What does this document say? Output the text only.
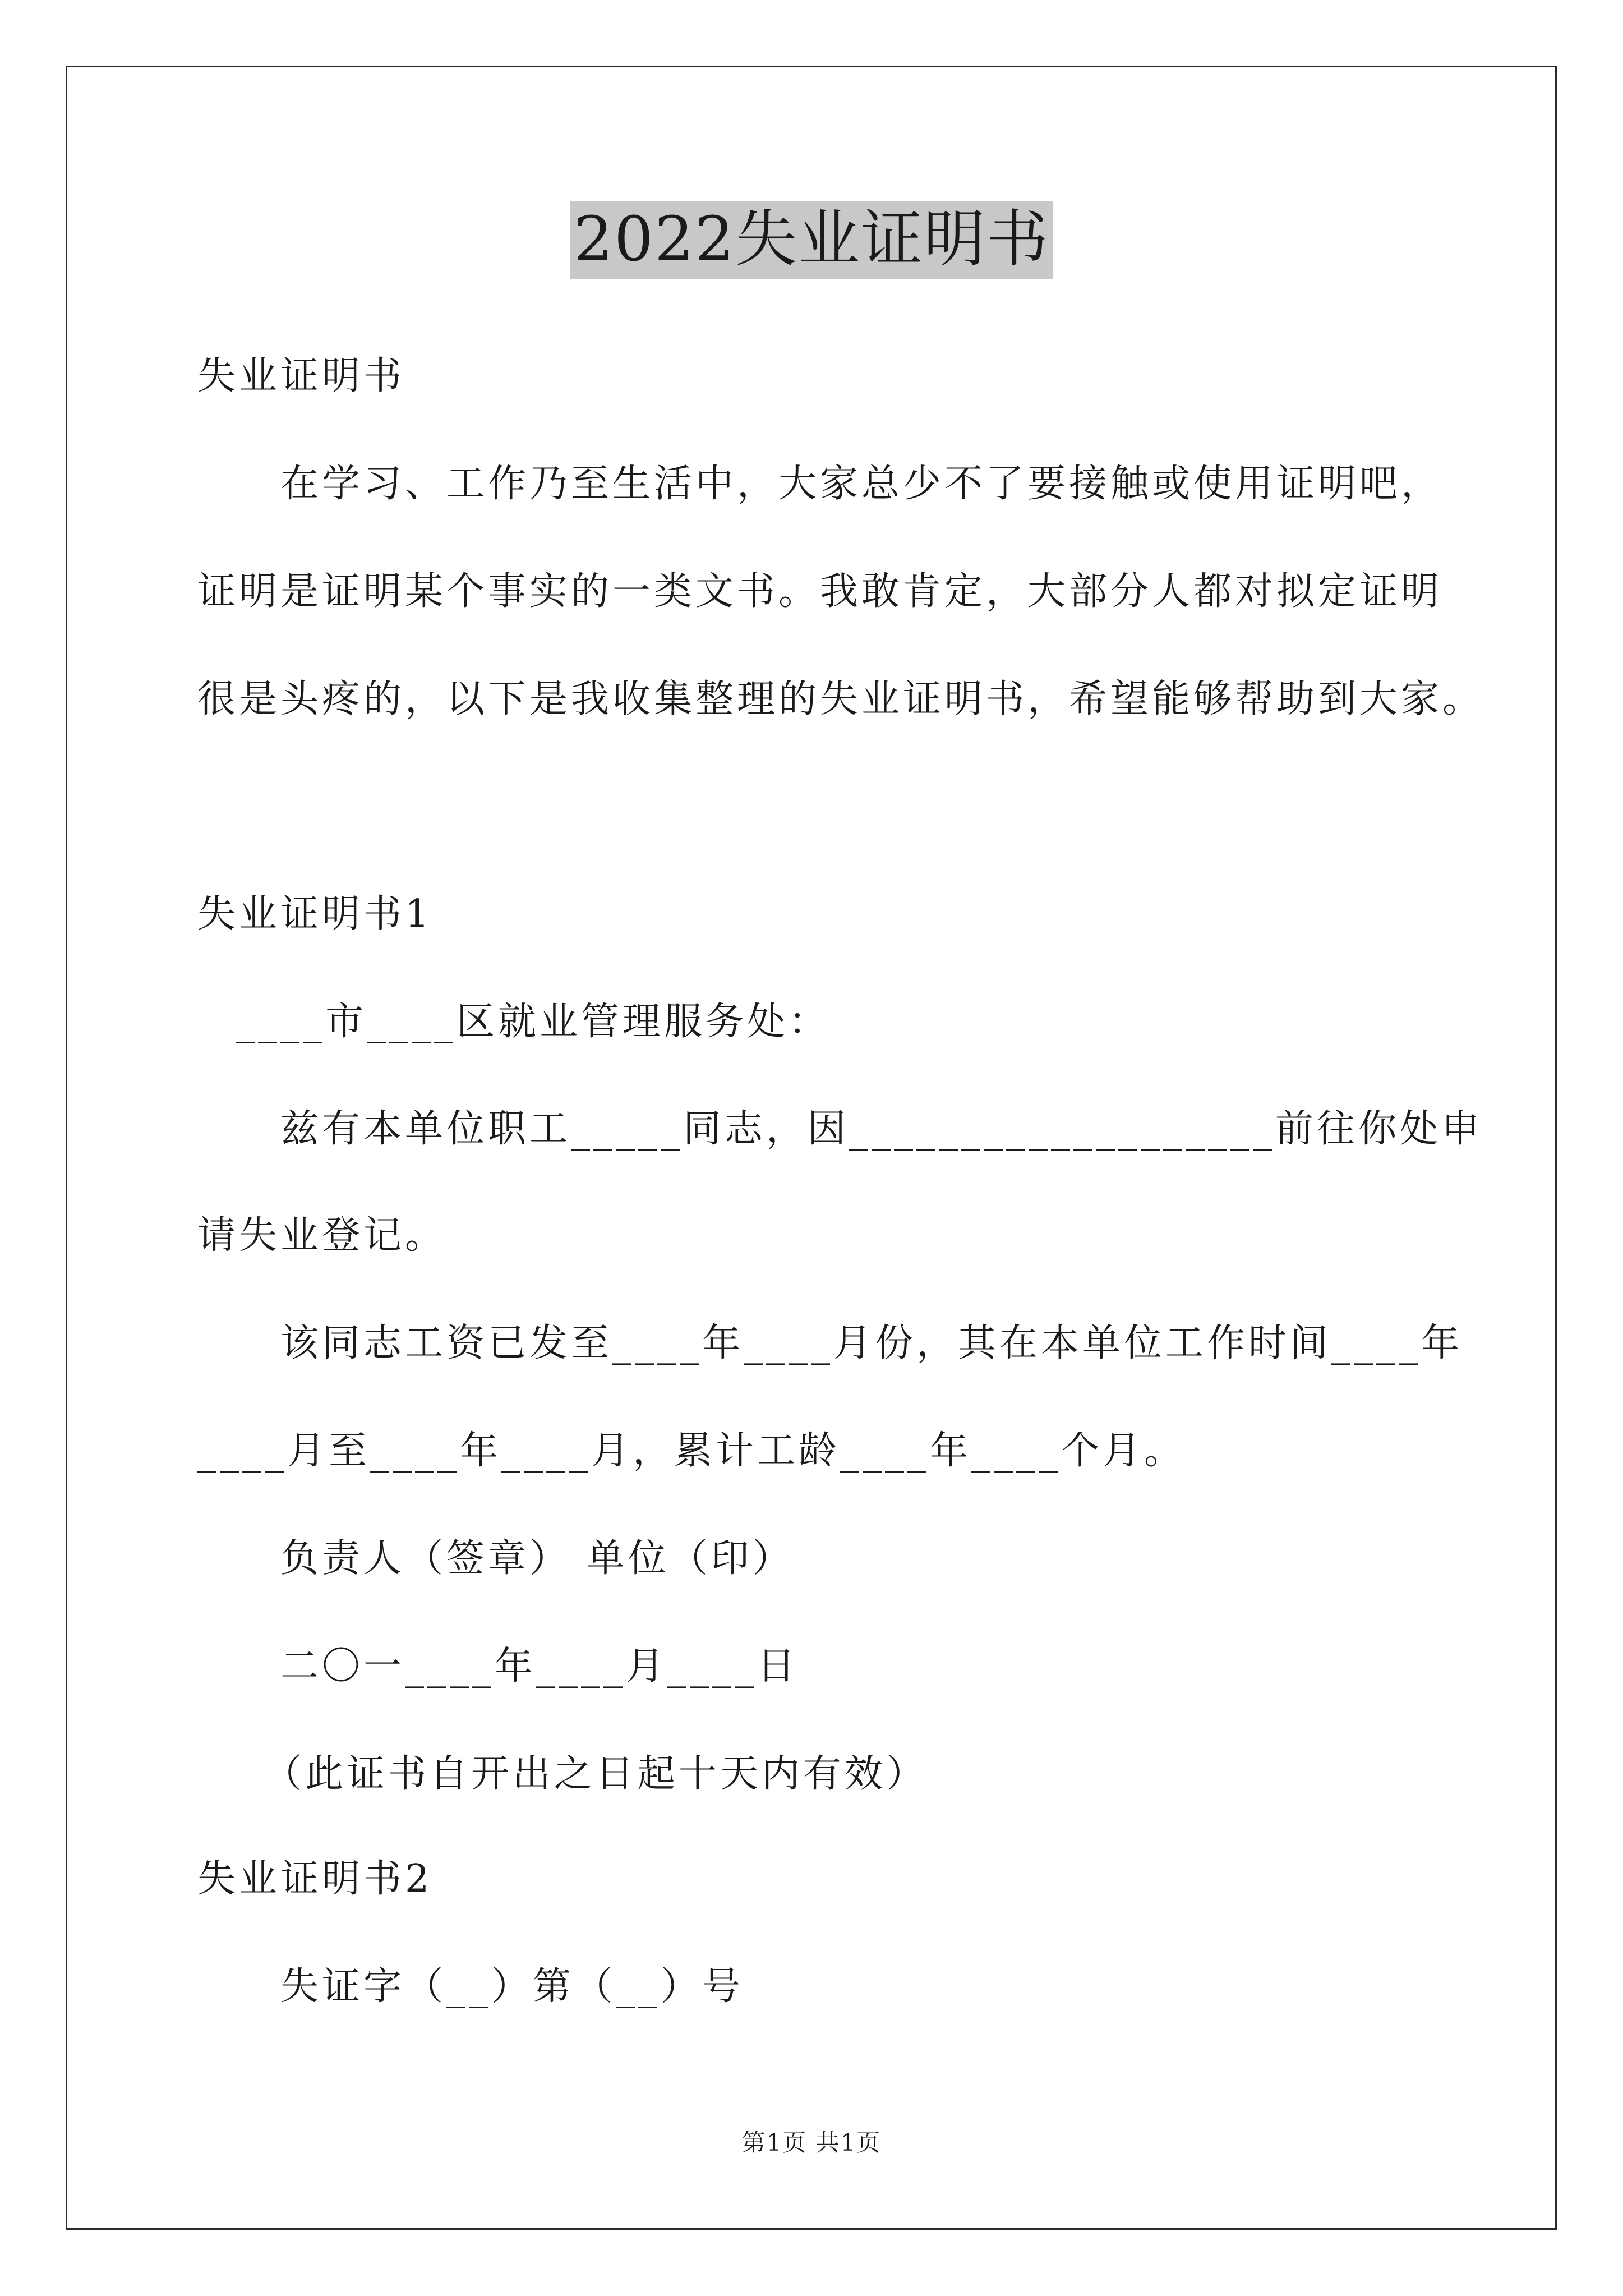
2022失业证明书
失业证明书
在学习、工作乃至生活中，大家总少不了要接触或使用证明吧，
证明是证明某个事实的一类文书。我敢肯定，大部分人都对拟定证明
很是头疼的，以下是我收集整理的失业证明书，希望能够帮助到大家。
失业证明书1
____市____区就业管理服务处：
兹有本单位职工_____同志，因___________________前往你处申
请失业登记。
该同志工资已发至____年____月份，其在本单位工作时间____年
____月至____年____月，累计工龄____年____个月。
负责人（签章） 单位（印）
二〇一____年____月____日
（此证书自开出之日起十天内有效）
失业证明书2
失证字（__）第（__）号
第1页 共1页
